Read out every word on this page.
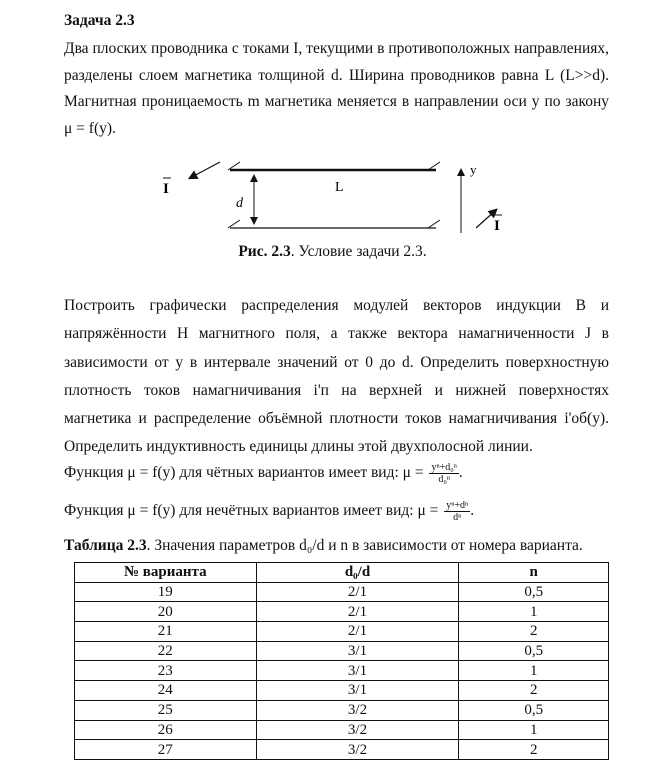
Задача 2.3
Два плоских проводника с токами I, текущими в противоположных направлениях, разделены слоем магнетика толщиной d. Ширина проводников равна L (L>>d). Магнитная проницаемость m магнетика меняется в направлении оси y по закону μ = f(y).
d
L
y
I
I
Рис. 2.3. Условие задачи 2.3.
Построить графически распределения модулей векторов индукции B и напряжённости H магнитного поля, а также вектора намагниченности J в зависимости от y в интервале значений от 0 до d. Определить поверхностную плотность токов намагничивания i'п на верхней и нижней поверхностях магнетика и распределение объёмной плотности токов намагничивания i'об(y). Определить индуктивность единицы длины этой двухполосной линии.
Функция μ = f(y) для чётных вариантов имеет вид: $\mu = \frac{\text{yⁿ+d₀ⁿ}}{\text{d₀ⁿ}}$ .
Функция μ = f(y) для нечётных вариантов имеет вид: $\mu = \frac{\text{yⁿ+dⁿ}}{\text{dⁿ}}$ .
Таблица 2.3. Значения параметров d₀/d и n в зависимости от номера варианта.
№ варианта	d₀/d	n
19	2/1	0,5
20	2/1	1
21	2/1	2
22	3/1	0,5
23	3/1	1
24	3/1	2
25	3/2	0,5
26	3/2	1
27	3/2	2
